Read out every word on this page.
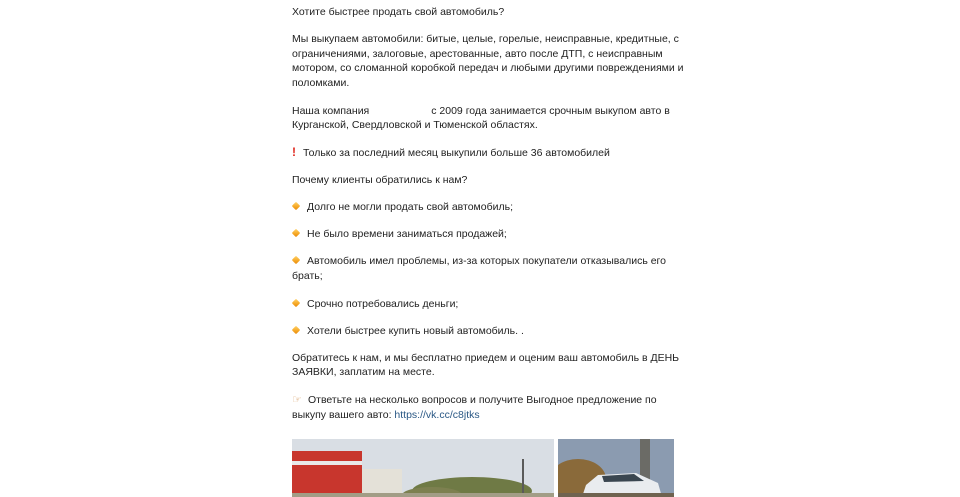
Хотите быстрее продать свой автомобиль?
Мы выкупаем автомобили: битые, целые, горелые, неисправные, кредитные, с ограничениями, залоговые, арестованные, авто после ДТП, с неисправным мотором, со сломанной коробкой передач и любыми другими повреждениями и поломками.
Наша компания	с 2009 года занимается срочным выкупом авто в Курганской, Свердловской и Тюменской областях.
! Только за последний месяц выкупили больше 36 автомобилей
Почему клиенты обратились к нам?
Долго не могли продать свой автомобиль;
Не было времени заниматься продажей;
Автомобиль имел проблемы, из-за которых покупатели отказывались его брать;
Срочно потребовались деньги;
Хотели быстрее купить новый автомобиль. .
Обратитесь к нам, и мы бесплатно приедем и оценим ваш автомобиль в ДЕНЬ ЗАЯВКИ, заплатим на месте.
☞ Ответьте на несколько вопросов и получите Выгодное предложение по выкупу вашего авто: https://vk.cc/c8jtks
